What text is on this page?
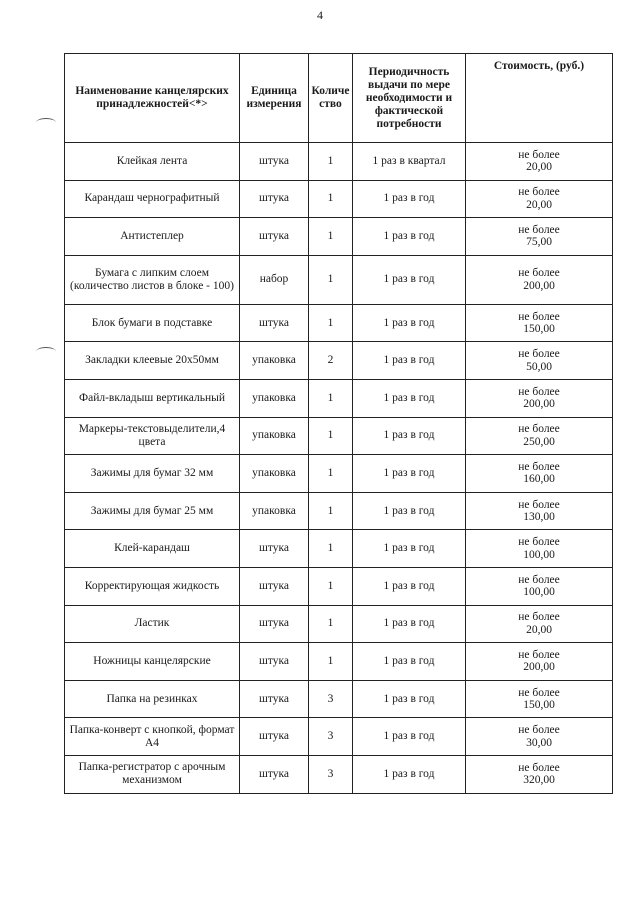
4
Наименование канцелярских принадлежностей<*>	Единица измерения	Количе ство	Периодичность выдачи по мере необходимости и фактической потребности	Стоимость, (руб.)
Клейкая лента	штука	1	1 раз в квартал	не более
20,00

Карандаш чернографитный	штука	1	1 раз в год	не более
20,00

Антистеплер	штука	1	1 раз в год	не более
75,00

Бумага с липким слоем (количество листов в блоке - 100)	набор	1	1 раз в год	не более
200,00

Блок бумаги в подставке	штука	1	1 раз в год	не более
150,00

Закладки клеевые 20x50мм	упаковка	2	1 раз в год	не более
50,00

Файл-вкладыш вертикальный	упаковка	1	1 раз в год	не более
200,00

Маркеры-текстовыделители,4 цвета	упаковка	1	1 раз в год	не более
250,00

Зажимы для бумаг 32 мм	упаковка	1	1 раз в год	не более
160,00

Зажимы для бумаг 25 мм	упаковка	1	1 раз в год	не более
130,00

Клей-карандаш	штука	1	1 раз в год	не более
100,00

Корректирующая жидкость	штука	1	1 раз в год	не более
100,00

Ластик	штука	1	1 раз в год	не более
20,00

Ножницы канцелярские	штука	1	1 раз в год	не более
200,00

Папка на резинках	штука	3	1 раз в год	не более
150,00

Папка-конверт с кнопкой, формат А4	штука	3	1 раз в год	не более
30,00

Папка-регистратор с арочным механизмом	штука	3	1 раз в год	не более
320,00
